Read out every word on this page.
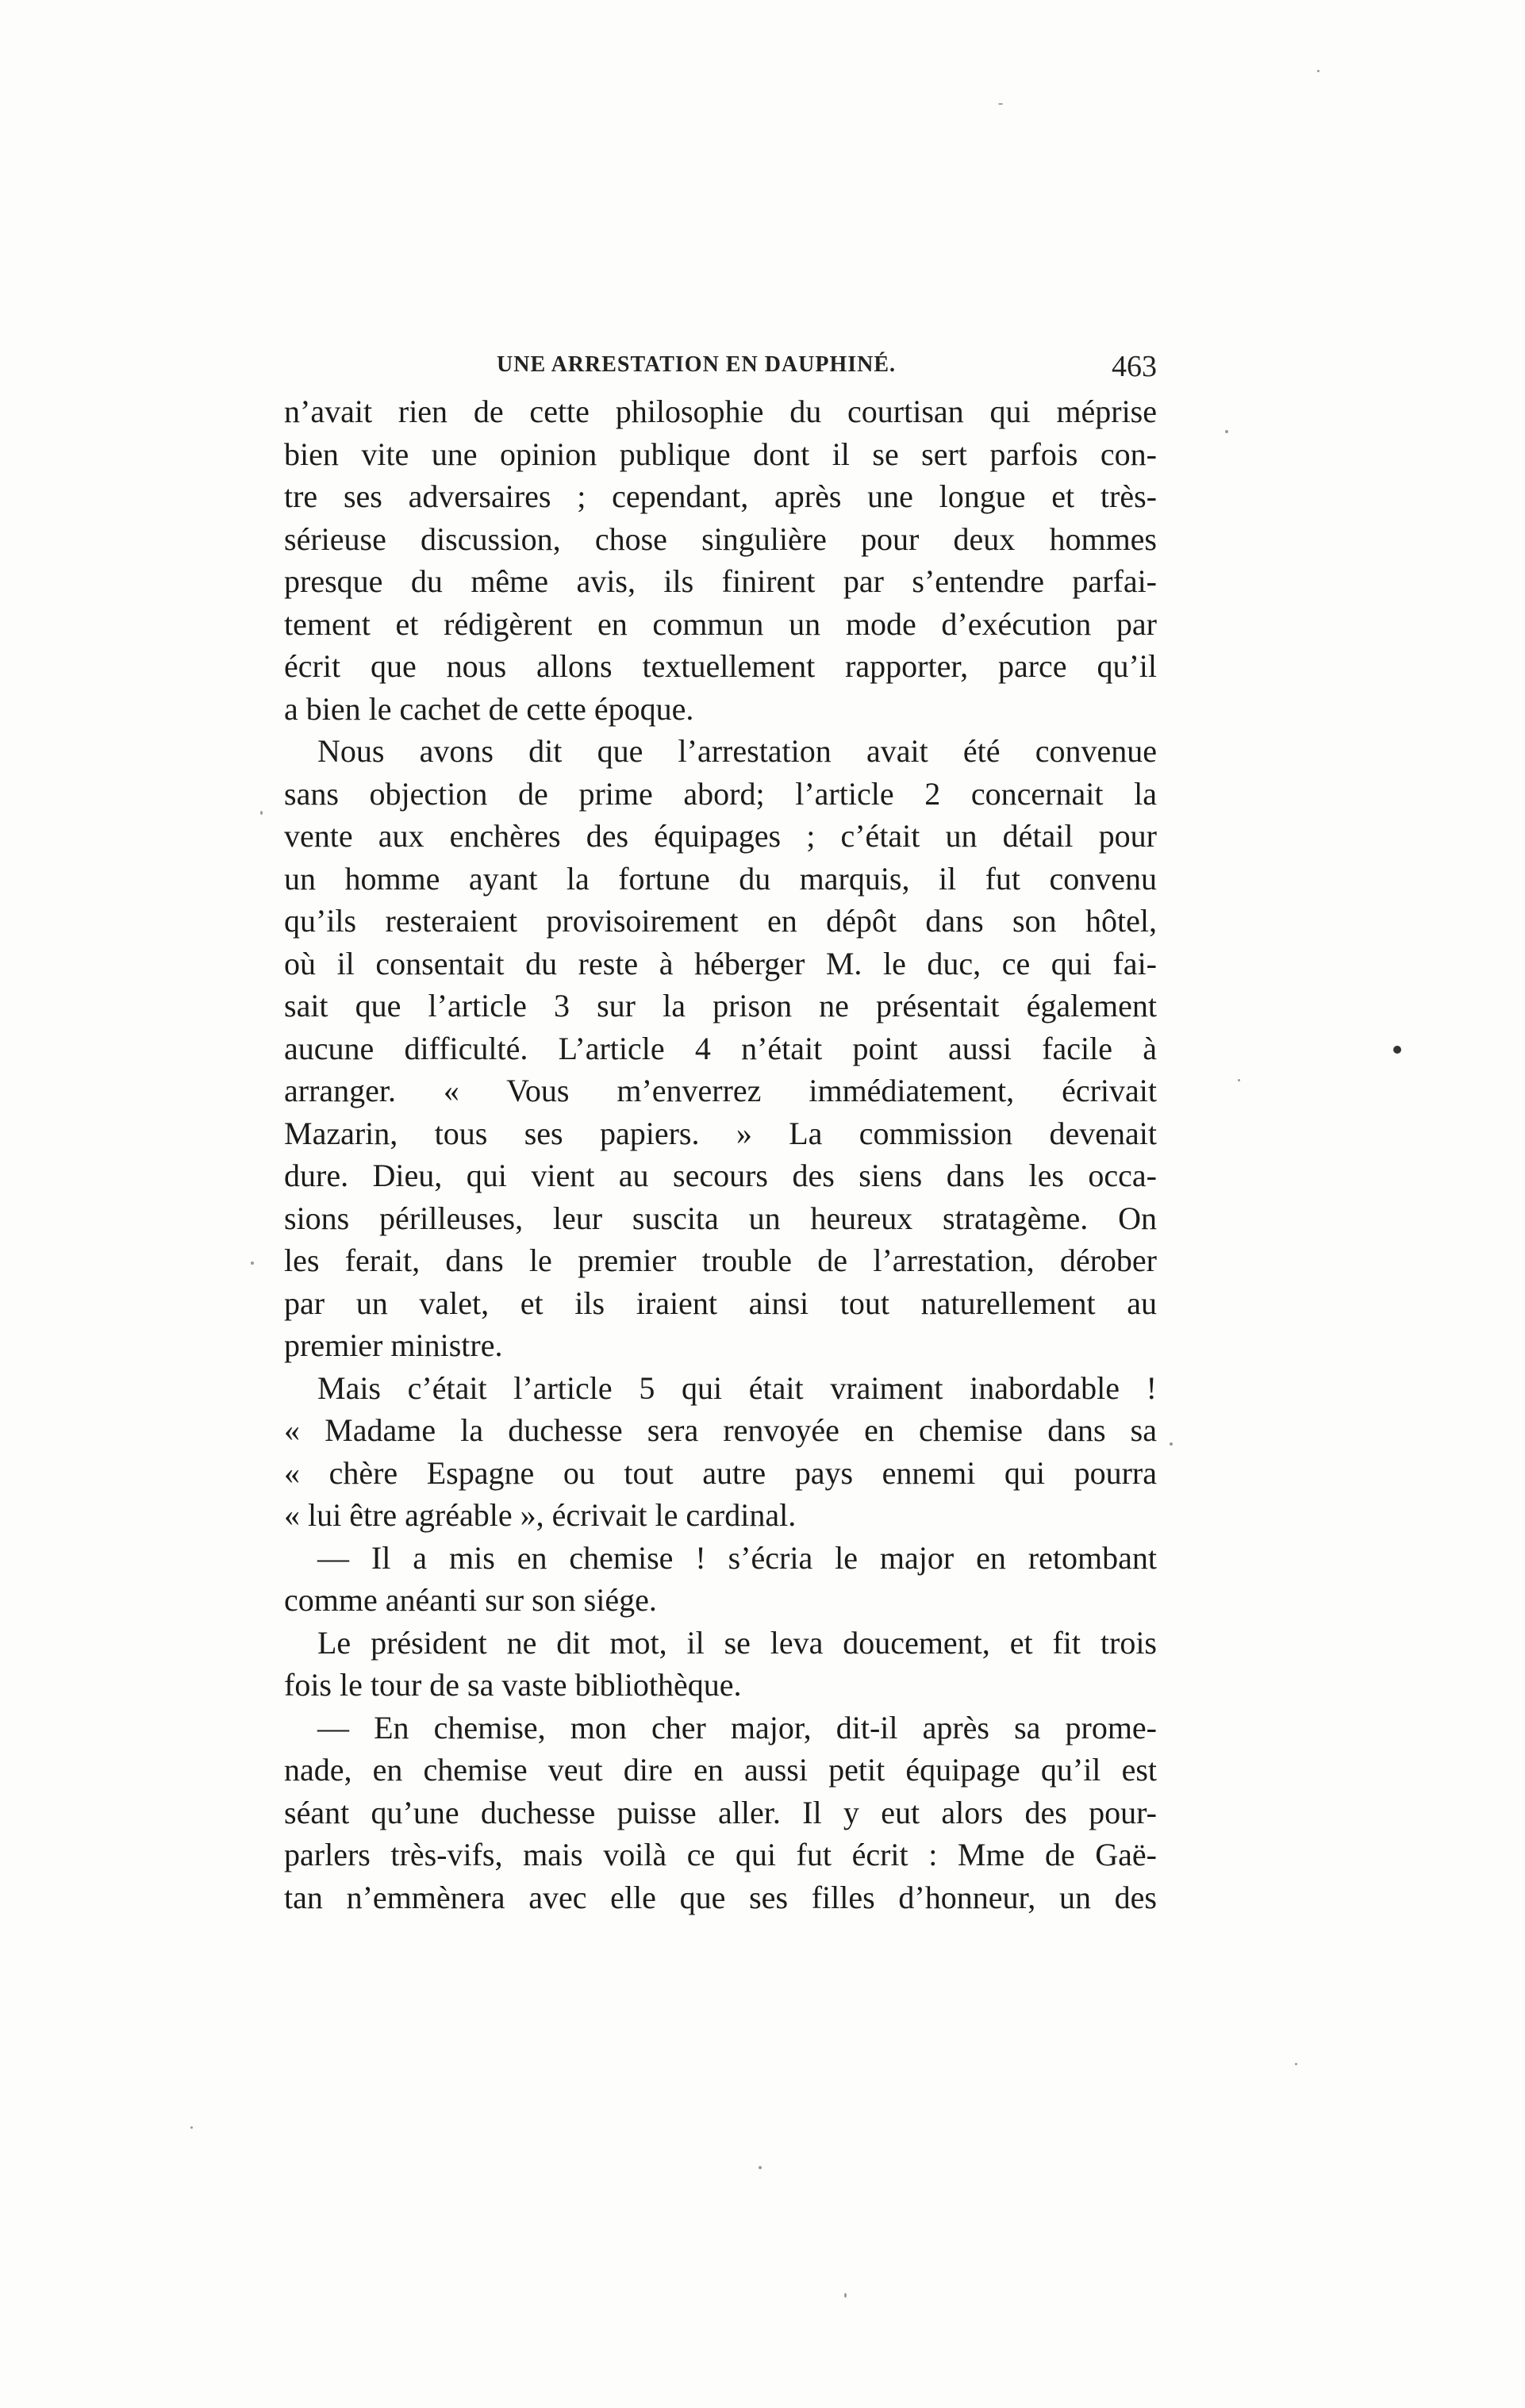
UNE ARRESTATION EN DAUPHINÉ.	463
n’avait rien de cette philosophie du courtisan qui méprise
bien vite une opinion publique dont il se sert parfois con-
tre ses adversaires ; cependant, après une longue et très-
sérieuse discussion, chose singulière pour deux hommes
presque du même avis, ils finirent par s’entendre parfai-
tement et rédigèrent en commun un mode d’exécution par
écrit que nous allons textuellement rapporter, parce qu’il
a bien le cachet de cette époque.
Nous avons dit que l’arrestation avait été convenue
sans objection de prime abord; l’article 2 concernait la
vente aux enchères des équipages ; c’était un détail pour
un homme ayant la fortune du marquis, il fut convenu
qu’ils resteraient provisoirement en dépôt dans son hôtel,
où il consentait du reste à héberger M. le duc, ce qui fai-
sait que l’article 3 sur la prison ne présentait également
aucune difficulté. L’article 4 n’était point aussi facile à
arranger. « Vous m’enverrez immédiatement, écrivait
Mazarin, tous ses papiers. » La commission devenait
dure. Dieu, qui vient au secours des siens dans les occa-
sions périlleuses, leur suscita un heureux stratagème. On
les ferait, dans le premier trouble de l’arrestation, dérober
par un valet, et ils iraient ainsi tout naturellement au
premier ministre.
Mais c’était l’article 5 qui était vraiment inabordable !
« Madame la duchesse sera renvoyée en chemise dans sa
« chère Espagne ou tout autre pays ennemi qui pourra
« lui être agréable », écrivait le cardinal.
— Il a mis en chemise ! s’écria le major en retombant
comme anéanti sur son siége.
Le président ne dit mot, il se leva doucement, et fit trois
fois le tour de sa vaste bibliothèque.
— En chemise, mon cher major, dit-il après sa prome-
nade, en chemise veut dire en aussi petit équipage qu’il est
séant qu’une duchesse puisse aller. Il y eut alors des pour-
parlers très-vifs, mais voilà ce qui fut écrit : Mme de Gaë-
tan n’emmènera avec elle que ses filles d’honneur, un des
